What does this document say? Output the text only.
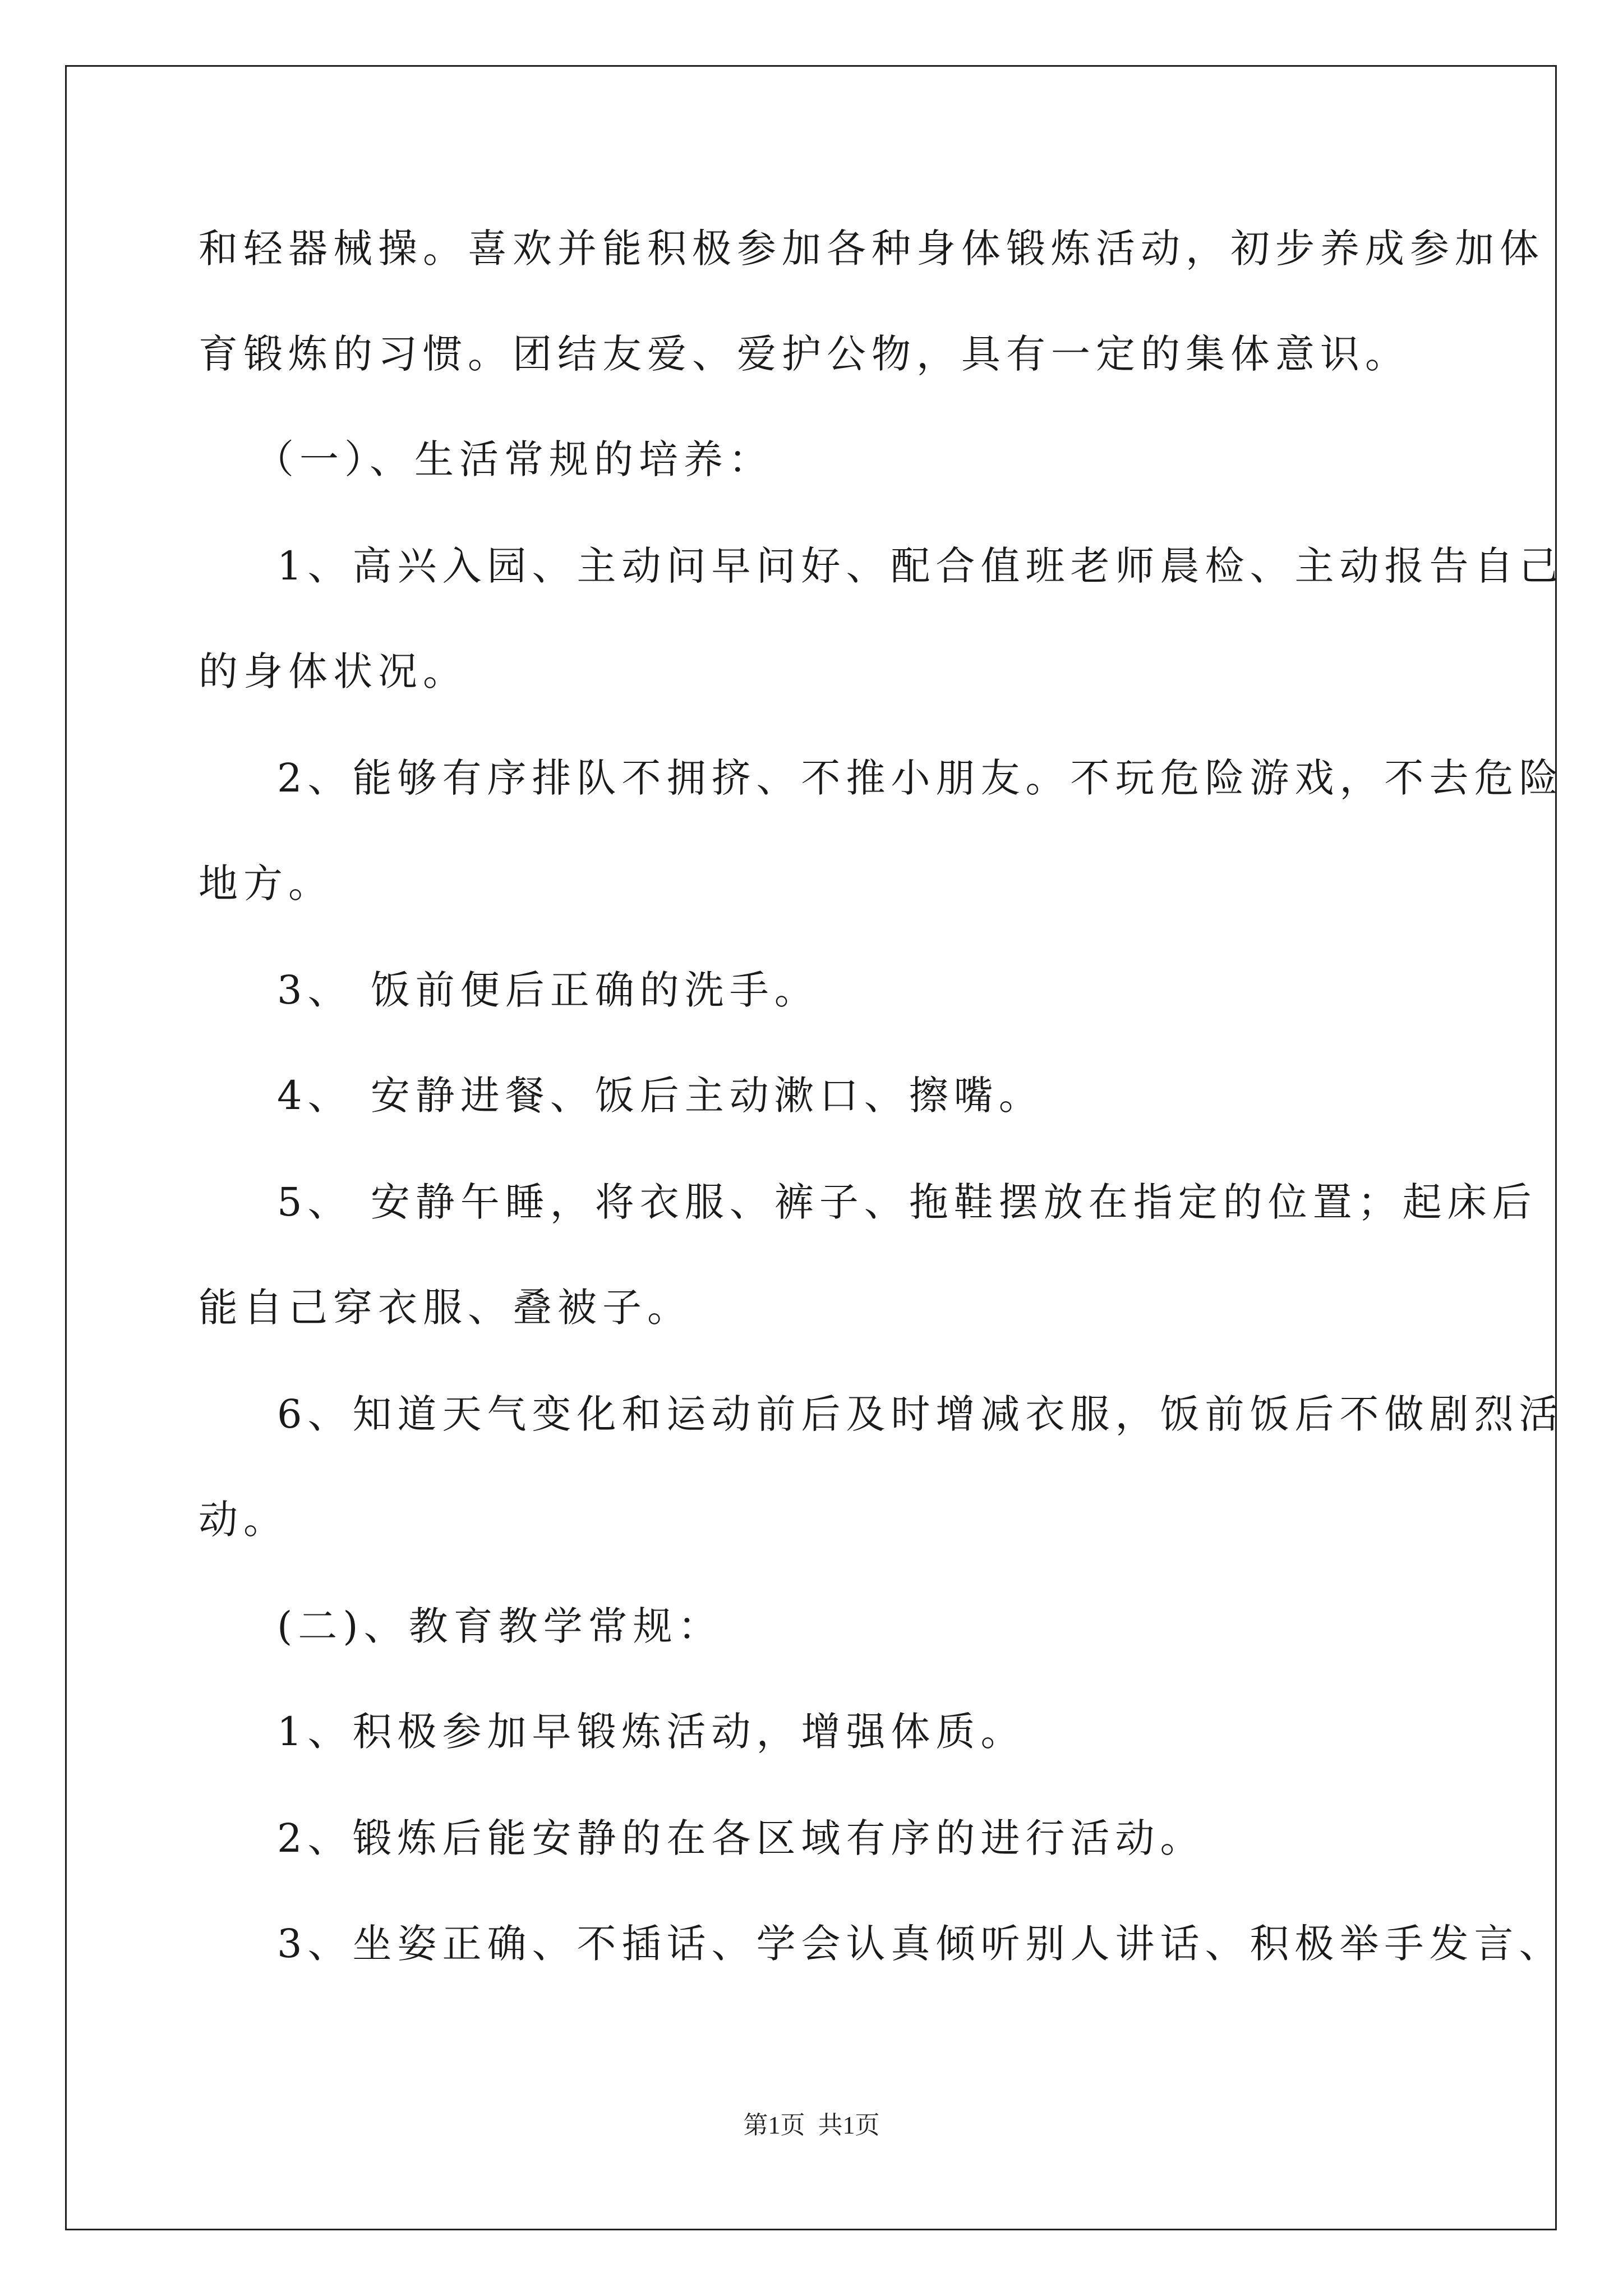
和轻器械操。喜欢并能积极参加各种身体锻炼活动，初步养成参加体
育锻炼的习惯。团结友爱、爱护公物，具有一定的集体意识。
（一）、生活常规的培养：
1、高兴入园、主动问早问好、配合值班老师晨检、主动报告自己
的身体状况。
2、能够有序排队不拥挤、不推小朋友。不玩危险游戏，不去危险
地方。
3、 饭前便后正确的洗手。
4、 安静进餐、饭后主动漱口、擦嘴。
5、 安静午睡，将衣服、裤子、拖鞋摆放在指定的位置；起床后
能自己穿衣服、叠被子。
6、知道天气变化和运动前后及时增减衣服，饭前饭后不做剧烈活
动。
(二)、教育教学常规：
1、积极参加早锻炼活动，增强体质。
2、锻炼后能安静的在各区域有序的进行活动。
3、坐姿正确、不插话、学会认真倾听别人讲话、积极举手发言、
第1页 共1页
